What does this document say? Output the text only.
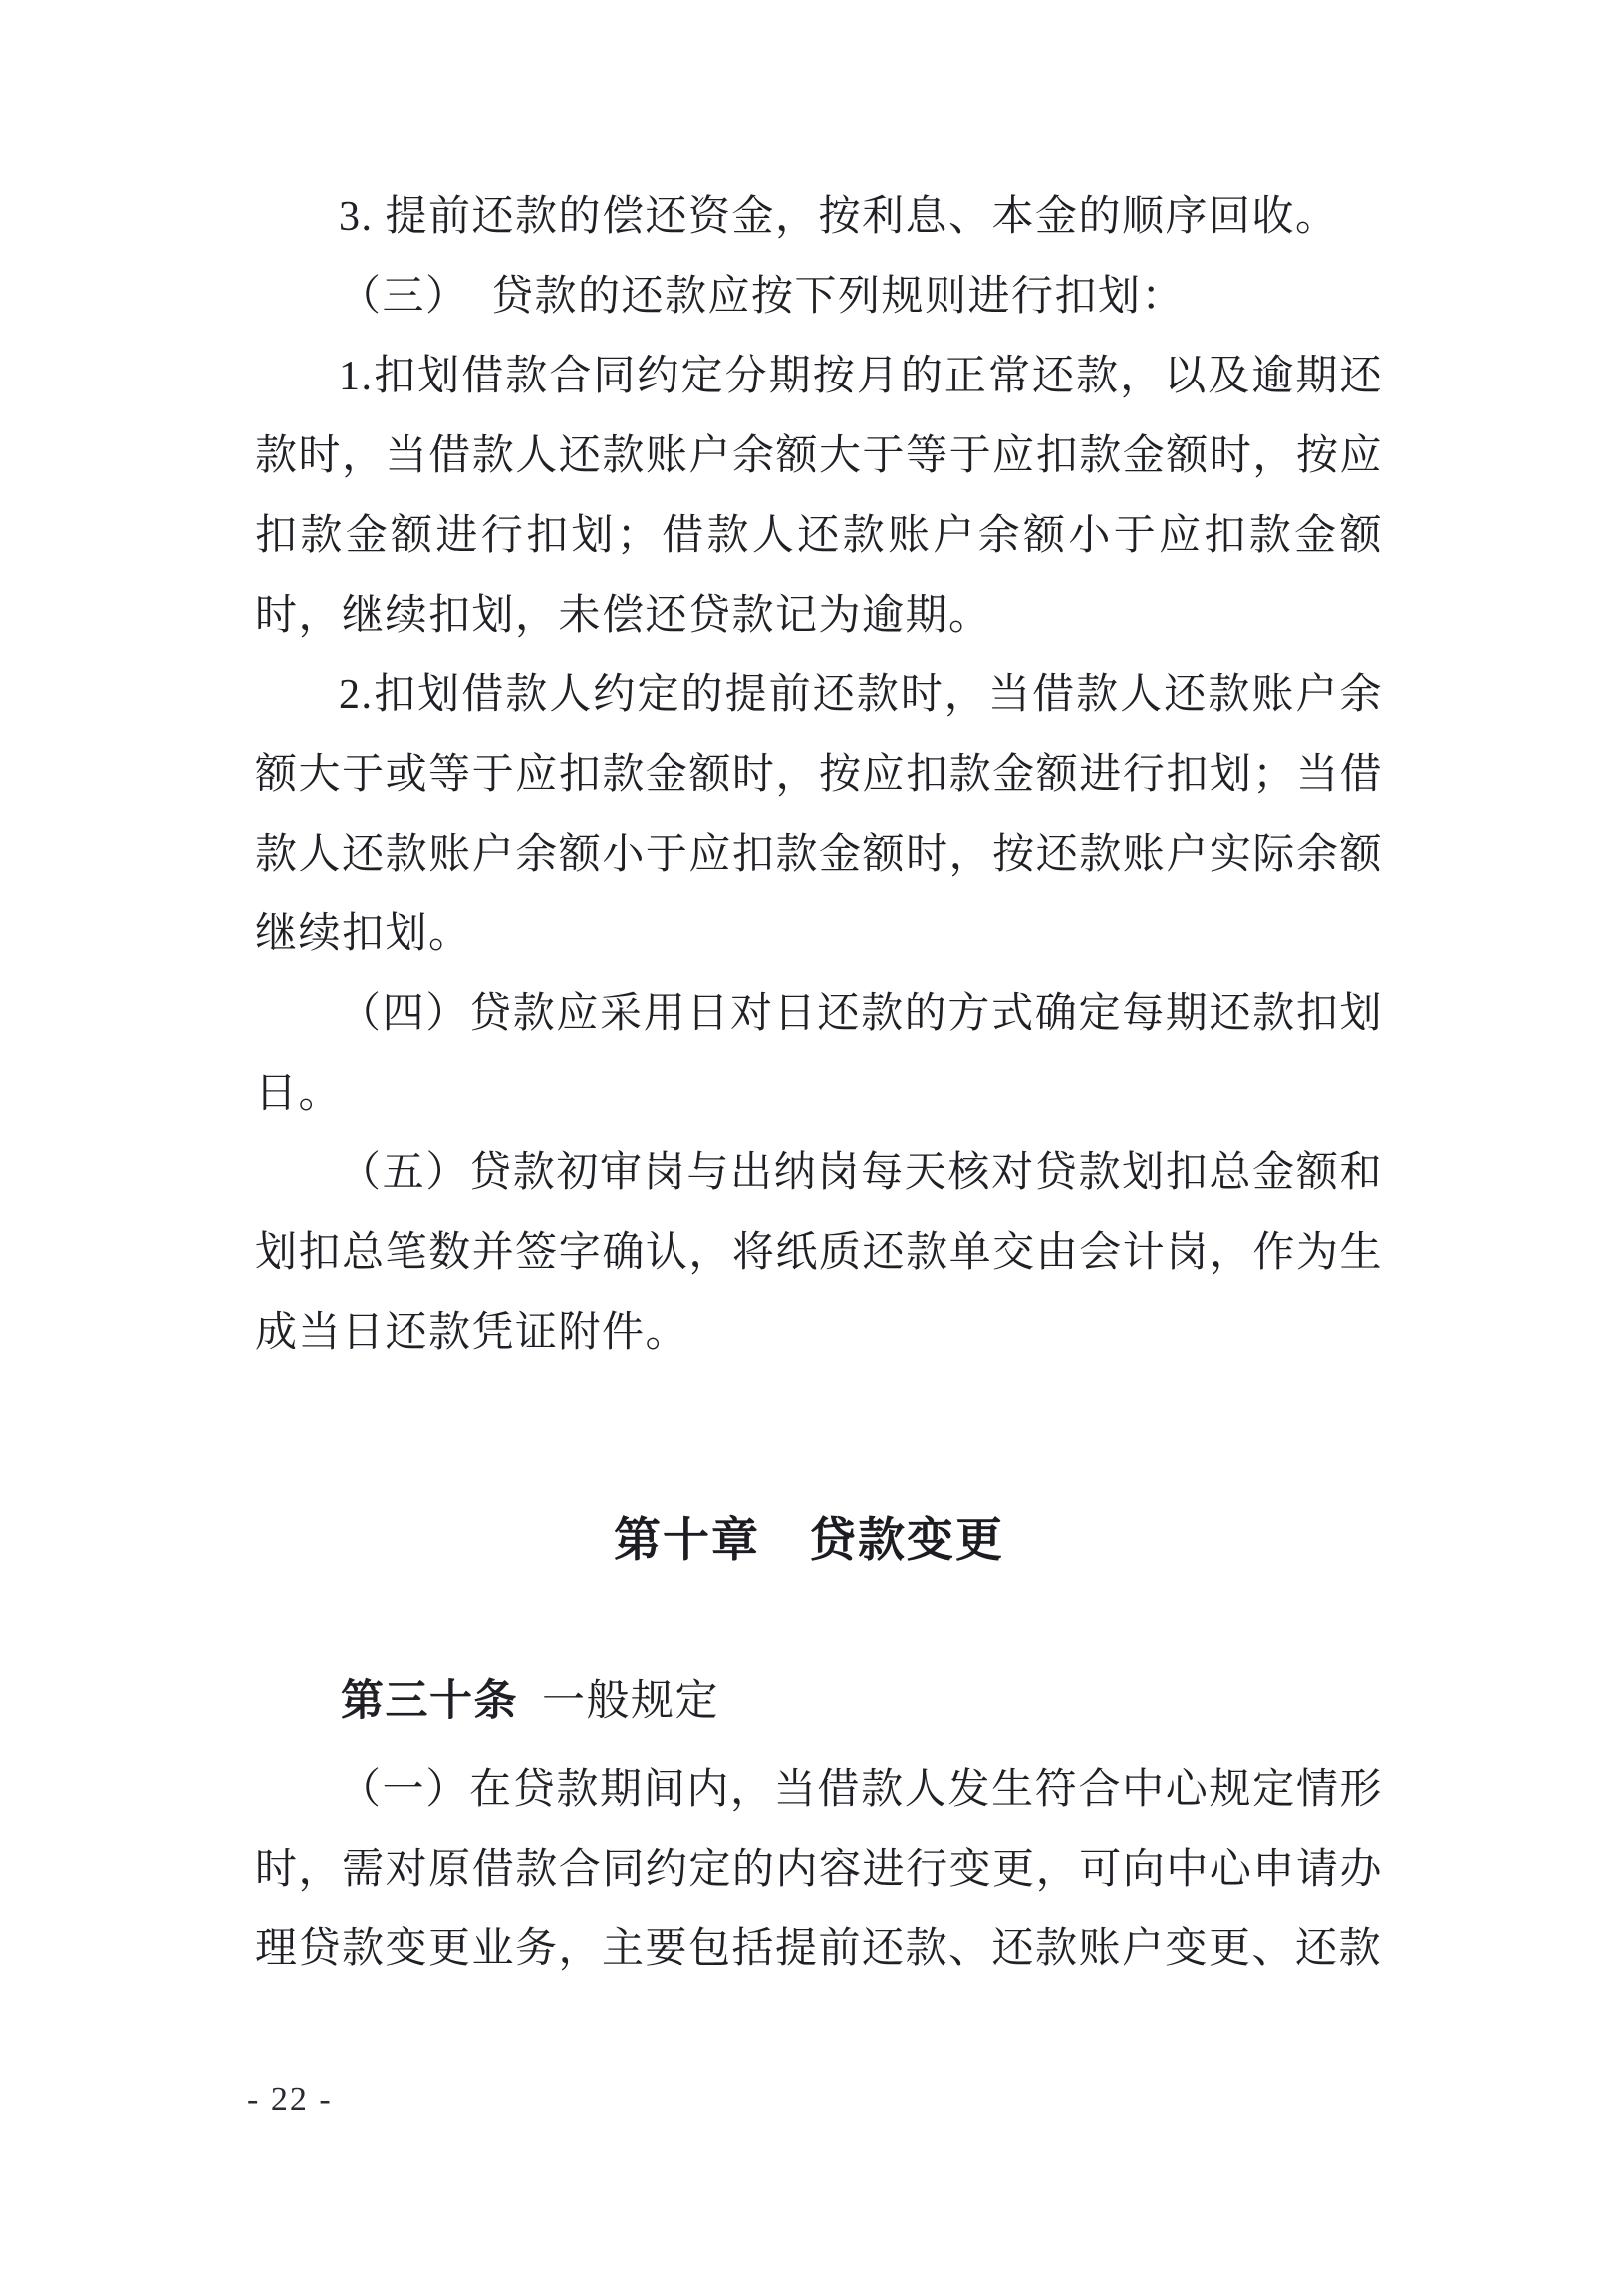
3. 提前还款的偿还资金，按利息、本金的顺序回收。

（三）　贷款的还款应按下列规则进行扣划：

1.扣划借款合同约定分期按月的正常还款，以及逾期还款时，当借款人还款账户余额大于等于应扣款金额时，按应扣款金额进行扣划；借款人还款账户余额小于应扣款金额时，继续扣划，未偿还贷款记为逾期。

2.扣划借款人约定的提前还款时，当借款人还款账户余额大于或等于应扣款金额时，按应扣款金额进行扣划；当借款人还款账户余额小于应扣款金额时，按还款账户实际余额继续扣划。

（四）贷款应采用日对日还款的方式确定每期还款扣划日。

（五）贷款初审岗与出纳岗每天核对贷款划扣总金额和划扣总笔数并签字确认，将纸质还款单交由会计岗，作为生成当日还款凭证附件。

第十章　贷款变更
第三十条 一般规定

（一）在贷款期间内，当借款人发生符合中心规定情形时，需对原借款合同约定的内容进行变更，可向中心申请办理贷款变更业务，主要包括提前还款、还款账户变更、还款

- 22 -
